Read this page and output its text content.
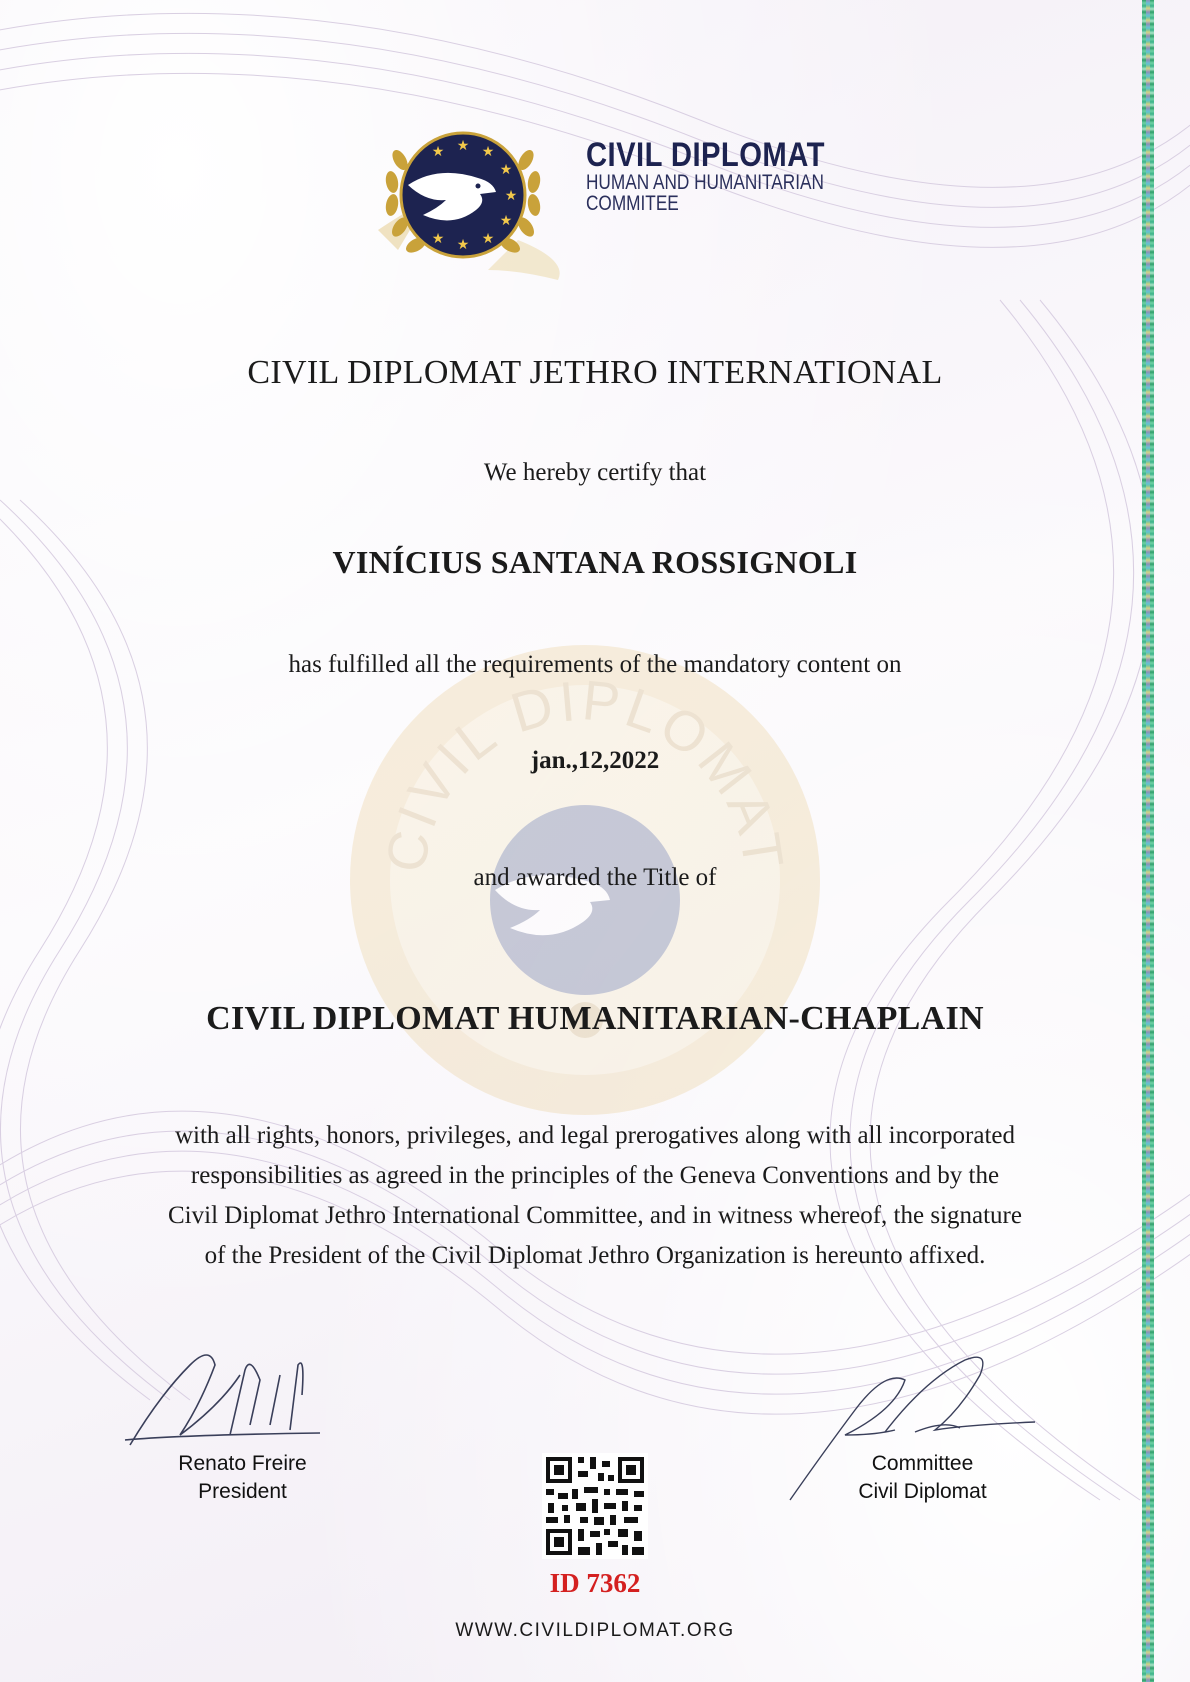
★ ★
★
★
★
★
★
★
★
CIVIL DIPLOMAT
HUMAN AND HUMANITARIAN
COMMITEE
CIVIL DIPLOMAT
CIVIL DIPLOMAT JETHRO INTERNATIONAL
We hereby certify that
VINÍCIUS SANTANA ROSSIGNOLI
has fulfilled all the requirements of the mandatory content on
jan.,12,2022
and awarded the Title of
CIVIL DIPLOMAT HUMANITARIAN-CHAPLAIN
with all rights, honors, privileges, and legal prerogatives along with all incorporated
responsibilities as agreed in the principles of the Geneva Conventions and by the
Civil Diplomat Jethro International Committee, and in witness whereof, the signature
of the President of the Civil Diplomat Jethro Organization is hereunto affixed.
Renato Freire
President
Committee
Civil Diplomat
ID 7362
WWW.CIVILDIPLOMAT.ORG
